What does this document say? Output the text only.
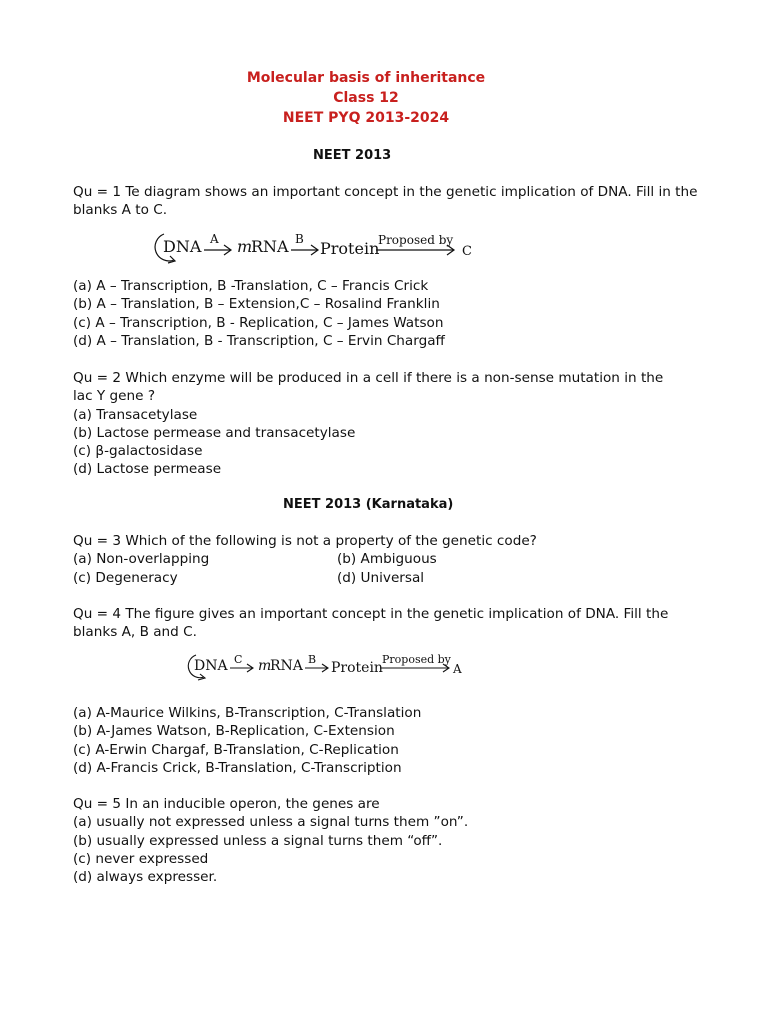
Molecular basis of inheritance
Class 12
NEET PYQ 2013-2024
NEET 2013
Qu = 1 Te diagram shows an important concept in the genetic implication of DNA. Fill in the
blanks A to C.
DNA A m
RNA B Protein
Proposed by
C
(a) A – Transcription, B -Translation, C – Francis Crick
(b) A – Translation, B – Extension,C – Rosalind Franklin
(c) A – Transcription, B - Replication, C – James Watson
(d) A – Translation, B - Transcription, C – Ervin Chargaff
Qu = 2 Which enzyme will be produced in a cell if there is a non-sense mutation in the
lac Y gene ?
(a) Transacetylase
(b) Lactose permease and transacetylase
(c) β-galactosidase
(d) Lactose permease
NEET 2013 (Karnataka)
Qu = 3 Which of the following is not a property of the genetic code?
(a) Non-overlapping	(b) Ambiguous
(c) Degeneracy	(d) Universal
Qu = 4 The figure gives an important concept in the genetic implication of DNA. Fill the
blanks A, B and C.
DNA C m
RNA B
Protein
Proposed by
A
(a) A-Maurice Wilkins, B-Transcription, C-Translation
(b) A-James Watson, B-Replication, C-Extension
(c) A-Erwin Chargaf, B-Translation, C-Replication
(d) A-Francis Crick, B-Translation, C-Transcription
Qu = 5 In an inducible operon, the genes are
(a) usually not expressed unless a signal turns them ”on”.
(b) usually expressed unless a signal turns them “off”.
(c) never expressed
(d) always expresser.
